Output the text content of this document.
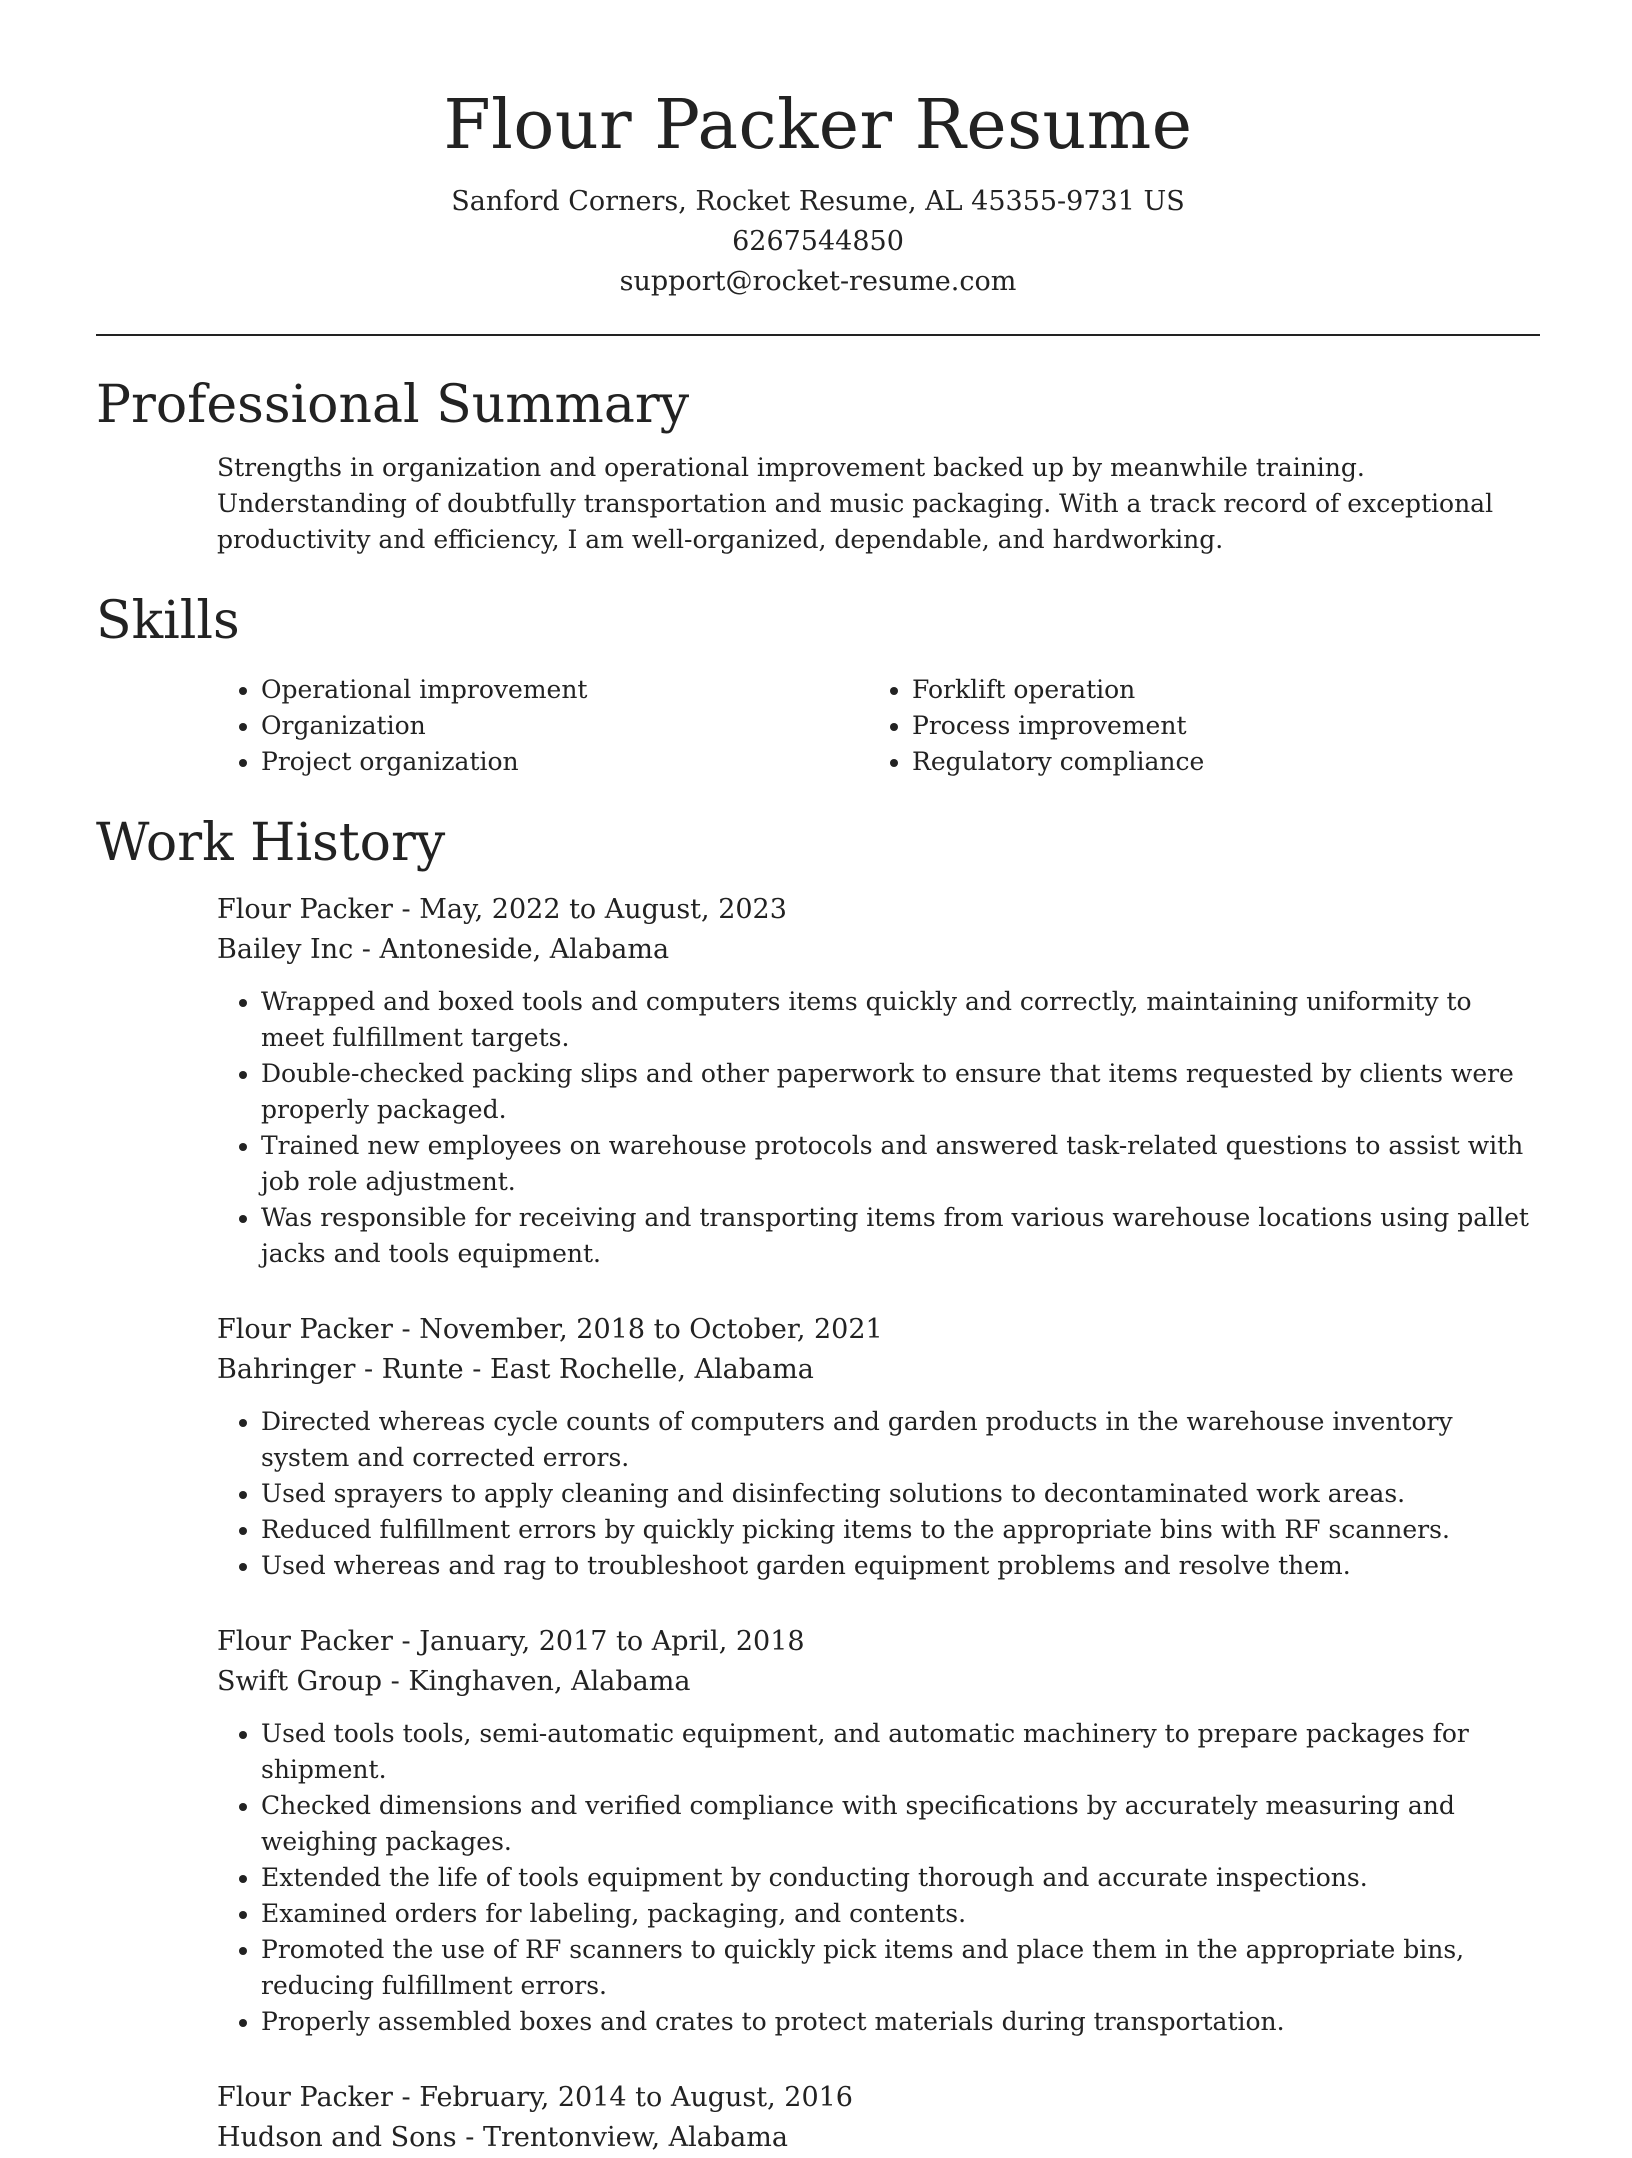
Flour Packer Resume
Sanford Corners, Rocket Resume, AL 45355-9731 US
6267544850
support@rocket-resume.com
Professional Summary
Strengths in organization and operational improvement backed up by meanwhile training. Understanding of doubtfully transportation and music packaging. With a track record of exceptional productivity and efficiency, I am well-organized, dependable, and hardworking.
Skills
• Operational improvement
• Organization
• Project organization
• Forklift operation
• Process improvement
• Regulatory compliance
Work History
Flour Packer - May, 2022 to August, 2023
Bailey Inc - Antoneside, Alabama
• Wrapped and boxed tools and computers items quickly and correctly, maintaining uniformity to meet fulfillment targets.
• Double-checked packing slips and other paperwork to ensure that items requested by clients were properly packaged.
• Trained new employees on warehouse protocols and answered task-related questions to assist with job role adjustment.
• Was responsible for receiving and transporting items from various warehouse locations using pallet jacks and tools equipment.
Flour Packer - November, 2018 to October, 2021
Bahringer - Runte - East Rochelle, Alabama
• Directed whereas cycle counts of computers and garden products in the warehouse inventory system and corrected errors.
• Used sprayers to apply cleaning and disinfecting solutions to decontaminated work areas.
• Reduced fulfillment errors by quickly picking items to the appropriate bins with RF scanners.
• Used whereas and rag to troubleshoot garden equipment problems and resolve them.
Flour Packer - January, 2017 to April, 2018
Swift Group - Kinghaven, Alabama
• Used tools tools, semi-automatic equipment, and automatic machinery to prepare packages for shipment.
• Checked dimensions and verified compliance with specifications by accurately measuring and weighing packages.
• Extended the life of tools equipment by conducting thorough and accurate inspections.
• Examined orders for labeling, packaging, and contents.
• Promoted the use of RF scanners to quickly pick items and place them in the appropriate bins, reducing fulfillment errors.
• Properly assembled boxes and crates to protect materials during transportation.
Flour Packer - February, 2014 to August, 2016
Hudson and Sons - Trentonview, Alabama
